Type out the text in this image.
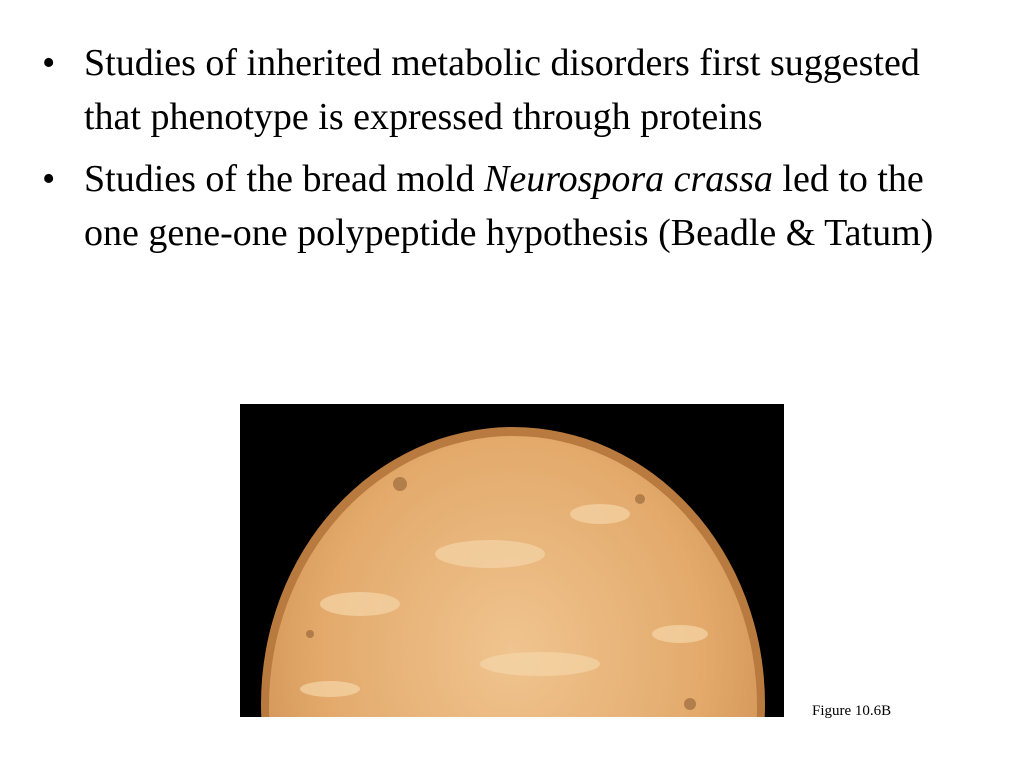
• Studies of inherited metabolic disorders first suggested that phenotype is expressed through proteins
• Studies of the bread mold Neurospora crassa led to the one gene-one polypeptide hypothesis (Beadle & Tatum)
Figure 10.6B
